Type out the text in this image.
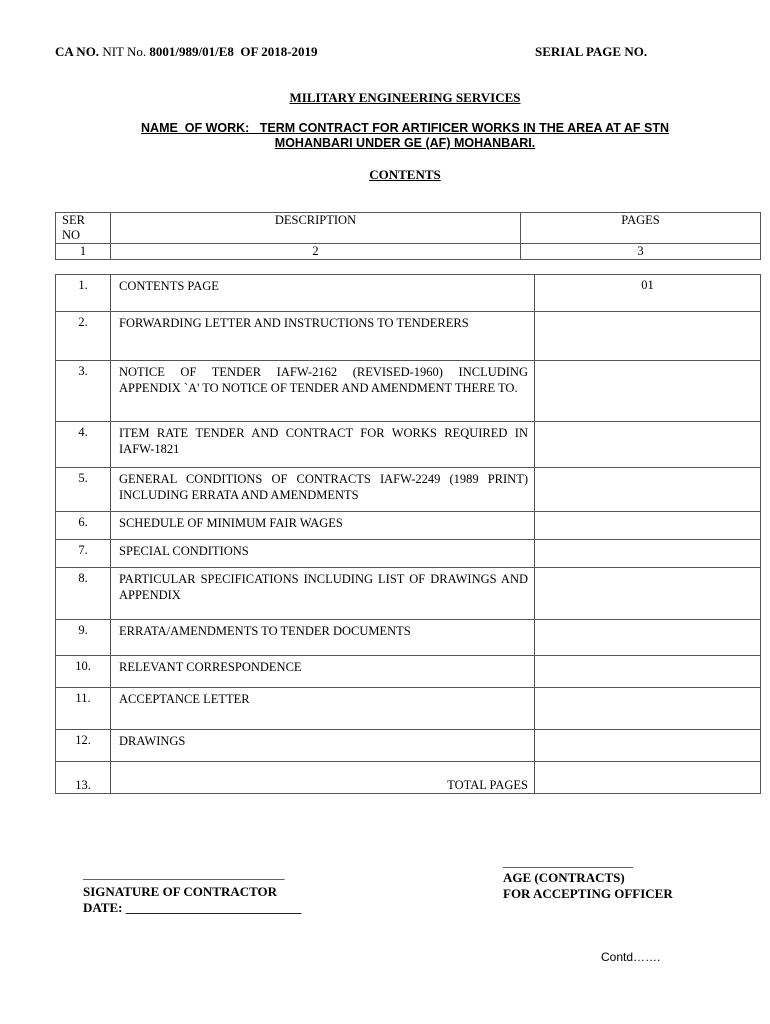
CA NO. NIT No. 8001/989/01/E8  OF 2018-2019	SERIAL PAGE NO.
MILITARY ENGINEERING SERVICES
NAME  OF WORK:   TERM CONTRACT FOR ARTIFICER WORKS IN THE AREA AT AF STN
MOHANBARI UNDER GE (AF) MOHANBARI.
CONTENTS
SER
NO	DESCRIPTION	PAGES
1	2	3
1.	CONTENTS PAGE	01
2.	FORWARDING LETTER AND INSTRUCTIONS TO TENDERERS	
3.	NOTICE OF TENDER IAFW-2162 (REVISED-1960) INCLUDING APPENDIX `A' TO NOTICE OF TENDER AND AMENDMENT THERE TO.	
4.	ITEM RATE TENDER AND CONTRACT FOR WORKS REQUIRED IN IAFW-1821	
5.	GENERAL CONDITIONS OF CONTRACTS IAFW-2249 (1989 PRINT) INCLUDING ERRATA AND AMENDMENTS	
6.	SCHEDULE OF MINIMUM FAIR WAGES	
7.	SPECIAL CONDITIONS	
8.	PARTICULAR SPECIFICATIONS INCLUDING LIST OF DRAWINGS AND APPENDIX	
9.	ERRATA/AMENDMENTS TO TENDER DOCUMENTS	
10.	RELEVANT CORRESPONDENCE	
11.	ACCEPTANCE LETTER	
12.	DRAWINGS	
13.	TOTAL PAGES	
_______________________________
SIGNATURE OF CONTRACTOR
DATE: ___________________________
____________________
AGE (CONTRACTS)
FOR ACCEPTING OFFICER
Contd…….
